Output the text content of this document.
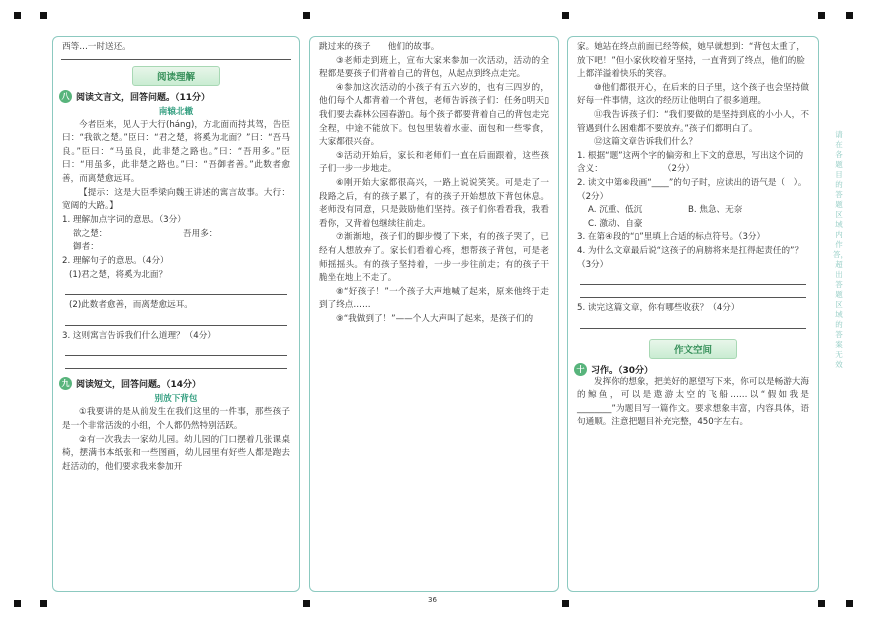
西等…一时送还。

阅读理解
八 阅读文言文，回答问题。（11分）
南辕北辙

今者臣来，见人于大行(háng)，方北面而持其驾，告臣曰：“我欲之楚。”臣曰：“君之楚，将奚为北面？”曰：“吾马良。”臣曰：“马虽良，此非楚之路也。”曰：“吾用多。”臣曰：“用虽多，此非楚之路也。”曰：“吾御者善。”此数者愈善，而离楚愈远耳。

【提示：这是大臣季梁向魏王讲述的寓言故事。大行：宽阔的大路。】

1. 理解加点字词的意思。（3分）

欲之楚：	吾用多：

御者：

2. 理解句子的意思。（4分）

(1)君之楚，将奚为北面？

(2)此数者愈善，而离楚愈远耳。

3. 这则寓言告诉我们什么道理？（4分）

九 阅读短文，回答问题。（14分）
别放下背包

①我要讲的是从前发生在我们这里的一件事，那些孩子是一个非常活泼的小组，个人都仍然特别活跃。

②有一次我去一家幼儿园。幼儿园的门口摆着几张课桌椅，摆满书本纸张和一些图画，幼儿园里有好些人都是跑去赶活动的，他们要求我来参加开

跳过来的孩子　　他们的故事。

③老师走到班上，宣布大家来参加一次活动，活动的全程都是要孩子们背着自己的背包，从起点到终点走完。

④参加这次活动的小孩子有五六岁的，也有三四岁的，他们每个人都背着一个背包，老师告诉孩子们：任务▯明天▯我们要去森林公园春游▯。每个孩子都要背着自己的背包走完全程，中途不能放下。包包里装着水壶、面包和一些零食，大家都很兴奋。

⑤活动开始后，家长和老师们一直在后面跟着，这些孩子们一步一步地走。

⑥刚开始大家都很高兴，一路上说说笑笑。可是走了一段路之后，有的孩子累了，有的孩子开始想放下背包休息。老师没有同意，只是鼓励他们坚持。孩子们你看看我，我看看你，又背着包继续往前走。

⑦渐渐地，孩子们的脚步慢了下来，有的孩子哭了，已经有人想放弃了。家长们看着心疼，想帮孩子背包，可是老师摇摇头。有的孩子坚持着，一步一步往前走；有的孩子干脆坐在地上不走了。

⑧“好孩子！”一个孩子大声地喊了起来，原来他终于走到了终点……

⑨“我做到了！”——个人大声叫了起来，是孩子们的

家。她站在终点前面已经等候，她早就想到：“背包太重了，放下吧！”但小家伙咬着牙坚持，一直背到了终点，他们的脸上都洋溢着快乐的笑容。

⑩他们都很开心，在后来的日子里，这个孩子也会坚持做好每一件事情，这次的经历让他明白了很多道理。

⑪我告诉孩子们：“我们要做的是坚持到底的小小人，不管遇到什么困难都不要放弃。”孩子们都明白了。

⑫这篇文章告诉我们什么？

1. 根据“题”这两个字的偏旁和上下文的意思，写出这个词的含义：　　　　　　　　（2分）

2. 读文中第⑥段画“____”的句子时，应读出的语气是（　）。（2分）

A. 沉重、低沉	B. 焦急、无奈
C. 激动、自豪

3. 在第④段的“▯”里填上合适的标点符号。（3分）

4. 为什么文章最后说“这孩子的肩膀将来是扛得起责任的”？（3分）

5. 读完这篇文章，你有哪些收获？（4分）

作文空间
十 习作。（30分）

发挥你的想象，把美好的愿望写下来，你可以是畅游大海的鲸鱼，可以是遨游太空的飞船……以“假如我是________”为题目写一篇作文。要求想象丰富，内容具体，语句通顺。注意把题目补充完整，450字左右。

36
请在各题目的答题区域内作答，超出答题区域的答案无效
